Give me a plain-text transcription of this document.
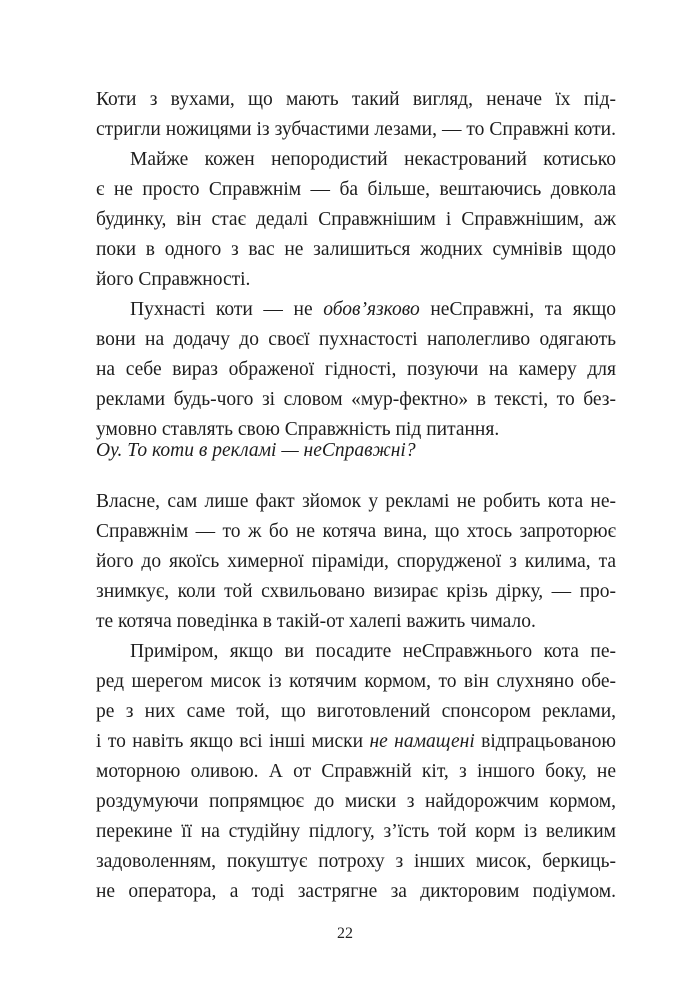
Коти з вухами, що мають такий вигляд, неначе їх під-
стригли ножицями із зубчастими лезами, — то Справжні коти.
Майже кожен непородистий некастрований котисько
є не просто Справжнім — ба більше, вештаючись довкола
будинку, він стає дедалі Справжнішим і Справжнішим, аж
поки в одного з вас не залишиться жодних сумнівів щодо
його Справжності.
Пухнасті коти — не обов’язково неСправжні, та якщо
вони на додачу до своєї пухнастості наполегливо одягають
на себе вираз ображеної гідності, позуючи на камеру для
реклами будь-чого зі словом «мур-фектно» в тексті, то без-
умовно ставлять свою Справжність під питання.
Оу. То коти в рекламі — неСправжні?
Власне, сам лише факт зйомок у рекламі не робить кота не-
Справжнім — то ж бо не котяча вина, що хтось запроторює
його до якоїсь химерної піраміди, спорудженої з килима, та
знимкує, коли той схвильовано визирає крізь дірку, — про-
те котяча поведінка в такій-от халепі важить чимало.
Приміром, якщо ви посадите неСправжнього кота пе-
ред шерегом мисок із котячим кормом, то він слухняно обе-
ре з них саме той, що виготовлений спонсором реклами,
і то навіть якщо всі інші миски не намащені відпрацьованою
моторною оливою. А от Справжній кіт, з іншого боку, не
роздумуючи попрямцює до миски з найдорожчим кормом,
перекине її на студійну підлогу, з’їсть той корм із великим
задоволенням, покуштує потроху з інших мисок, беркиць-
не оператора, а тоді застрягне за дикторовим подіумом.
22
